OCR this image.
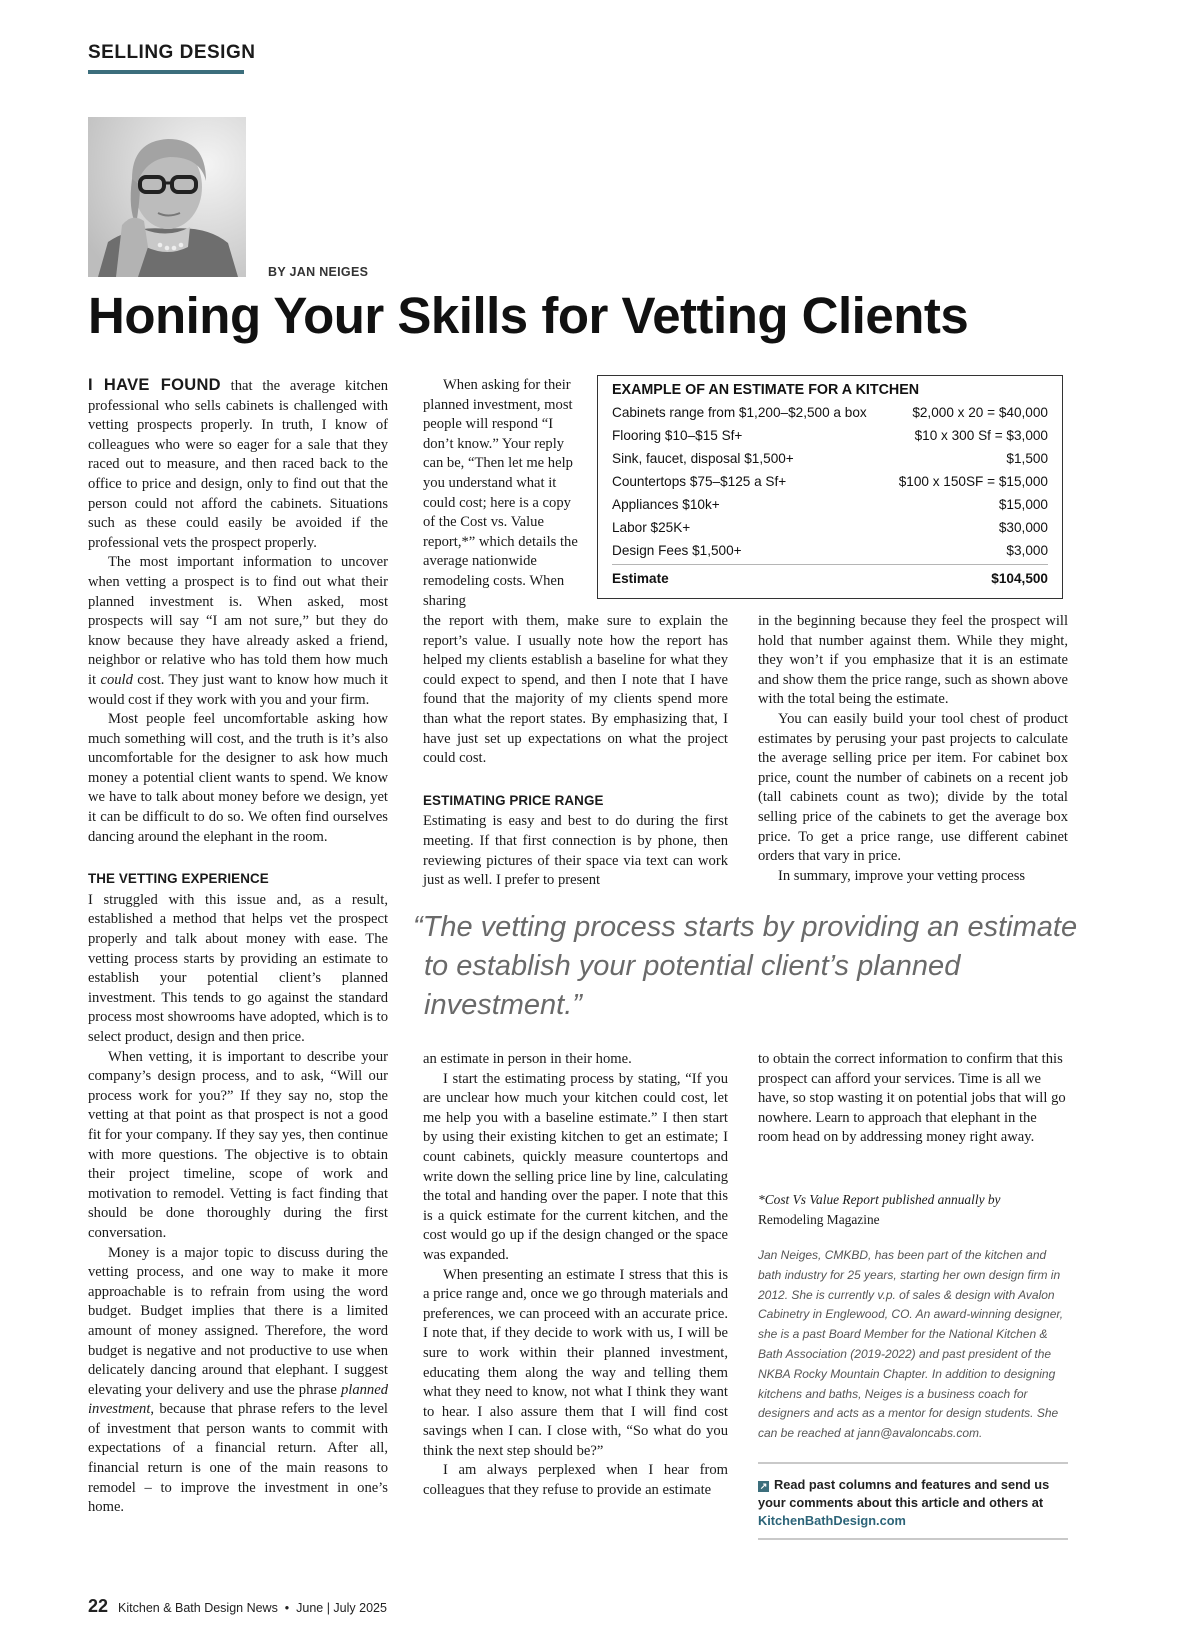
SELLING DESIGN
BY JAN NEIGES
Honing Your Skills for Vetting Clients

I HAVE FOUND that the average kitchen professional who sells cabinets is challenged with vetting prospects properly. In truth, I know of colleagues who were so eager for a sale that they raced out to measure, and then raced back to the office to price and design, only to find out that the person could not afford the cabinets. Situations such as these could easily be avoided if the professional vets the prospect properly.

The most important information to uncover when vetting a prospect is to find out what their planned investment is. When asked, most prospects will say “I am not sure,” but they do know because they have already asked a friend, neighbor or relative who has told them how much it could cost. They just want to know how much it would cost if they work with you and your firm.

Most people feel uncomfortable asking how much something will cost, and the truth is it’s also uncomfortable for the designer to ask how much money a potential client wants to spend. We know we have to talk about money before we design, yet it can be difficult to do so. We often find ourselves dancing around the elephant in the room.

THE VETTING EXPERIENCE

I struggled with this issue and, as a result, established a method that helps vet the prospect properly and talk about money with ease. The vetting process starts by providing an estimate to establish your potential client’s planned investment. This tends to go against the standard process most showrooms have adopted, which is to select product, design and then price.

When vetting, it is important to describe your company’s design process, and to ask, “Will our process work for you?” If they say no, stop the vetting at that point as that prospect is not a good fit for your company. If they say yes, then continue with more questions. The objective is to obtain their project timeline, scope of work and motivation to remodel. Vetting is fact finding that should be done thoroughly during the first conversation.

Money is a major topic to discuss during the vetting process, and one way to make it more approachable is to refrain from using the word budget. Budget implies that there is a limited amount of money assigned. Therefore, the word budget is negative and not productive to use when delicately dancing around that elephant. I suggest elevating your delivery and use the phrase planned investment, because that phrase refers to the level of investment that person wants to commit with expectations of a financial return. After all, financial return is one of the main reasons to remodel – to improve the investment in one’s home.

When asking for their planned investment, most people will respond “I don’t know.” Your reply can be, “Then let me help you understand what it could cost; here is a copy of the Cost vs. Value report,*” which details the average nationwide remodeling costs. When sharing

the report with them, make sure to explain the report’s value. I usually note how the report has helped my clients establish a baseline for what they could expect to spend, and then I note that I have found that the majority of my clients spend more than what the report states. By emphasizing that, I have just set up expectations on what the project could cost.

ESTIMATING PRICE RANGE

Estimating is easy and best to do during the first meeting. If that first connection is by phone, then reviewing pictures of their space via text can work just as well. I prefer to present

EXAMPLE OF AN ESTIMATE FOR A KITCHEN
Cabinets range from $1,200–$2,500 a box	$2,000 x 20 = $40,000
Flooring $10–$15 Sf+	$10 x 300 Sf = $3,000
Sink, faucet, disposal $1,500+	$1,500
Countertops $75–$125 a Sf+	$100 x 150SF = $15,000
Appliances $10k+	$15,000
Labor $25K+	$30,000
Design Fees $1,500+	$3,000
Estimate	$104,500

in the beginning because they feel the prospect will hold that number against them. While they might, they won’t if you emphasize that it is an estimate and show them the price range, such as shown above with the total being the estimate.

You can easily build your tool chest of product estimates by perusing your past projects to calculate the average selling price per item. For cabinet box price, count the number of cabinets on a recent job (tall cabinets count as two); divide by the total selling price of the cabinets to get the average box price. To get a price range, use different cabinet orders that vary in price.

In summary, improve your vetting process

“The vetting process starts by providing an estimate to establish your potential client’s planned investment.”

an estimate in person in their home.

I start the estimating process by stating, “If you are unclear how much your kitchen could cost, let me help you with a baseline estimate.” I then start by using their existing kitchen to get an estimate; I count cabinets, quickly measure countertops and write down the selling price line by line, calculating the total and handing over the paper. I note that this is a quick estimate for the current kitchen, and the cost would go up if the design changed or the space was expanded.

When presenting an estimate I stress that this is a price range and, once we go through materials and preferences, we can proceed with an accurate price. I note that, if they decide to work with us, I will be sure to work within their planned investment, educating them along the way and telling them what they need to know, not what I think they want to hear. I also assure them that I will find cost savings when I can. I close with, “So what do you think the next step should be?”

I am always perplexed when I hear from colleagues that they refuse to provide an estimate

to obtain the correct information to confirm that this prospect can afford your services. Time is all we have, so stop wasting it on potential jobs that will go nowhere. Learn to approach that elephant in the room head on by addressing money right away.

*Cost Vs Value Report published annually by Remodeling Magazine
Jan Neiges, CMKBD, has been part of the kitchen and bath industry for 25 years, starting her own design firm in 2012. She is currently v.p. of sales & design with Avalon Cabinetry in Englewood, CO. An award-winning designer, she is a past Board Member for the National Kitchen & Bath Association (2019-2022) and past president of the NKBA Rocky Mountain Chapter. In addition to designing kitchens and baths, Neiges is a business coach for designers and acts as a mentor for design students. She can be reached at jann@avaloncabs.com.
↗ Read past columns and features and send us your comments about this article and others at KitchenBathDesign.com
22 Kitchen & Bath Design News  •  June | July 2025
